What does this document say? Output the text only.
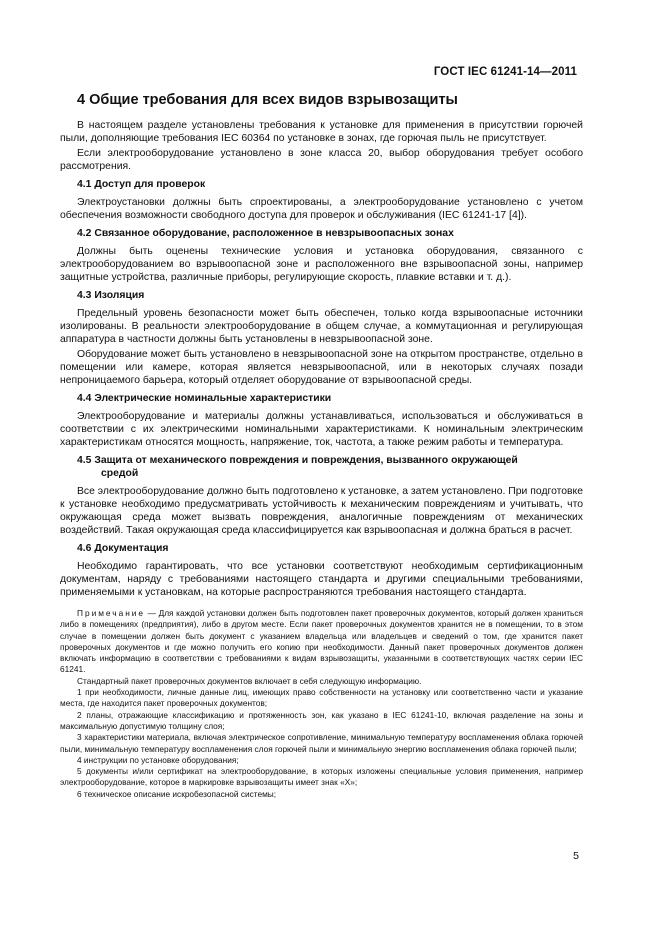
ГОСТ IEC 61241-14—2011
4 Общие требования для всех видов взрывозащиты

В настоящем разделе установлены требования к установке для применения в присутствии горючей пыли, дополняющие требования IEC 60364 по установке в зонах, где горючая пыль не присутствует.

Если электрооборудование установлено в зоне класса 20, выбор оборудования требует особого рассмотрения.

4.1 Доступ для проверок

Электроустановки должны быть спроектированы, а электрооборудование установлено с учетом обеспечения возможности свободного доступа для проверок и обслуживания (IEC 61241-17 [4]).

4.2 Связанное оборудование, расположенное в невзрывоопасных зонах

Должны быть оценены технические условия и установка оборудования, связанного с электрооборудованием во взрывоопасной зоне и расположенного вне взрывоопасной зоны, например защитные устройства, различные приборы, регулирующие скорость, плавкие вставки и т. д.).

4.3 Изоляция

Предельный уровень безопасности может быть обеспечен, только когда взрывоопасные источники изолированы. В реальности электрооборудование в общем случае, а коммутационная и регулирующая аппаратура в частности должны быть установлены в невзрывоопасной зоне.

Оборудование может быть установлено в невзрывоопасной зоне на открытом пространстве, отдельно в помещении или камере, которая является невзрывоопасной, или в некоторых случаях позади непроницаемого барьера, который отделяет оборудование от взрывоопасной среды.

4.4 Электрические номинальные характеристики

Электрооборудование и материалы должны устанавливаться, использоваться и обслуживаться в соответствии с их электрическими номинальными характеристиками. К номинальным электрическим характеристикам относятся мощность, напряжение, ток, частота, а также режим работы и температура.

4.5 Защита от механического повреждения и повреждения, вызванного окружающей
средой

Все электрооборудование должно быть подготовлено к установке, а затем установлено. При подготовке к установке необходимо предусматривать устойчивость к механическим повреждениям и учитывать, что окружающая среда может вызвать повреждения, аналогичные повреждениям от механических воздействий. Такая окружающая среда классифицируется как взрывоопасная и должна браться в расчет.

4.6 Документация

Необходимо гарантировать, что все установки соответствуют необходимым сертификационным документам, наряду с требованиями настоящего стандарта и другими специальными требованиями, применяемыми к установкам, на которые распространяются требования настоящего стандарта.

Примечание — Для каждой установки должен быть подготовлен пакет проверочных документов, который должен храниться либо в помещениях (предприятия), либо в другом месте. Если пакет проверочных документов хранится не в помещении, то в этом случае в помещении должен быть документ с указанием владельца или владельцев и сведений о том, где хранится пакет проверочных документов и где можно получить его копию при необходимости. Данный пакет проверочных документов должен включать информацию в соответствии с требованиями к видам взрывозащиты, указанными в соответствующих частях серии IEC 61241.

Стандартный пакет проверочных документов включает в себя следующую информацию.

1 при необходимости, личные данные лиц, имеющих право собственности на установку или соответственно части и указание места, где находится пакет проверочных документов;

2 планы, отражающие классификацию и протяженность зон, как указано в IEC 61241-10, включая разделение на зоны и максимальную допустимую толщину слоя;

3 характеристики материала, включая электрическое сопротивление, минимальную температуру воспламенения облака горючей пыли, минимальную температуру воспламенения слоя горючей пыли и минимальную энергию воспламенения облака горючей пыли;

4 инструкции по установке оборудования;

5 документы и/или сертификат на электрооборудование, в которых изложены специальные условия применения, например электрооборудование, которое в маркировке взрывозащиты имеет знак «Х»;

6 техническое описание искробезопасной системы;

5
